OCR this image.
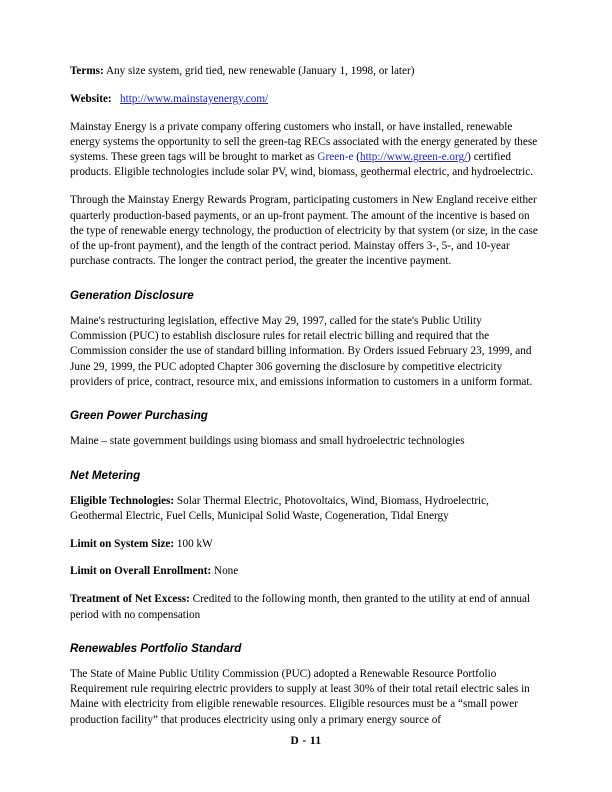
Terms: Any size system, grid tied, new renewable (January 1, 1998, or later)

Website: http://www.mainstayenergy.com/

Mainstay Energy is a private company offering customers who install, or have installed, renewable energy systems the opportunity to sell the green-tag RECs associated with the energy generated by these systems. These green tags will be brought to market as Green-e (http://www.green-e.org/) certified products. Eligible technologies include solar PV, wind, biomass, geothermal electric, and hydroelectric.

Through the Mainstay Energy Rewards Program, participating customers in New England receive either quarterly production-based payments, or an up-front payment. The amount of the incentive is based on the type of renewable energy technology, the production of electricity by that system (or size, in the case of the up-front payment), and the length of the contract period. Mainstay offers 3-, 5-, and 10-year purchase contracts. The longer the contract period, the greater the incentive payment.

Generation Disclosure

Maine's restructuring legislation, effective May 29, 1997, called for the state's Public Utility Commission (PUC) to establish disclosure rules for retail electric billing and required that the Commission consider the use of standard billing information. By Orders issued February 23, 1999, and June 29, 1999, the PUC adopted Chapter 306 governing the disclosure by competitive electricity providers of price, contract, resource mix, and emissions information to customers in a uniform format.

Green Power Purchasing

Maine – state government buildings using biomass and small hydroelectric technologies

Net Metering

Eligible Technologies: Solar Thermal Electric, Photovoltaics, Wind, Biomass, Hydroelectric, Geothermal Electric, Fuel Cells, Municipal Solid Waste, Cogeneration, Tidal Energy

Limit on System Size: 100 kW

Limit on Overall Enrollment: None

Treatment of Net Excess: Credited to the following month, then granted to the utility at end of annual period with no compensation

Renewables Portfolio Standard

The State of Maine Public Utility Commission (PUC) adopted a Renewable Resource Portfolio Requirement rule requiring electric providers to supply at least 30% of their total retail electric sales in Maine with electricity from eligible renewable resources. Eligible resources must be a “small power production facility” that produces electricity using only a primary energy source of

D - 11
